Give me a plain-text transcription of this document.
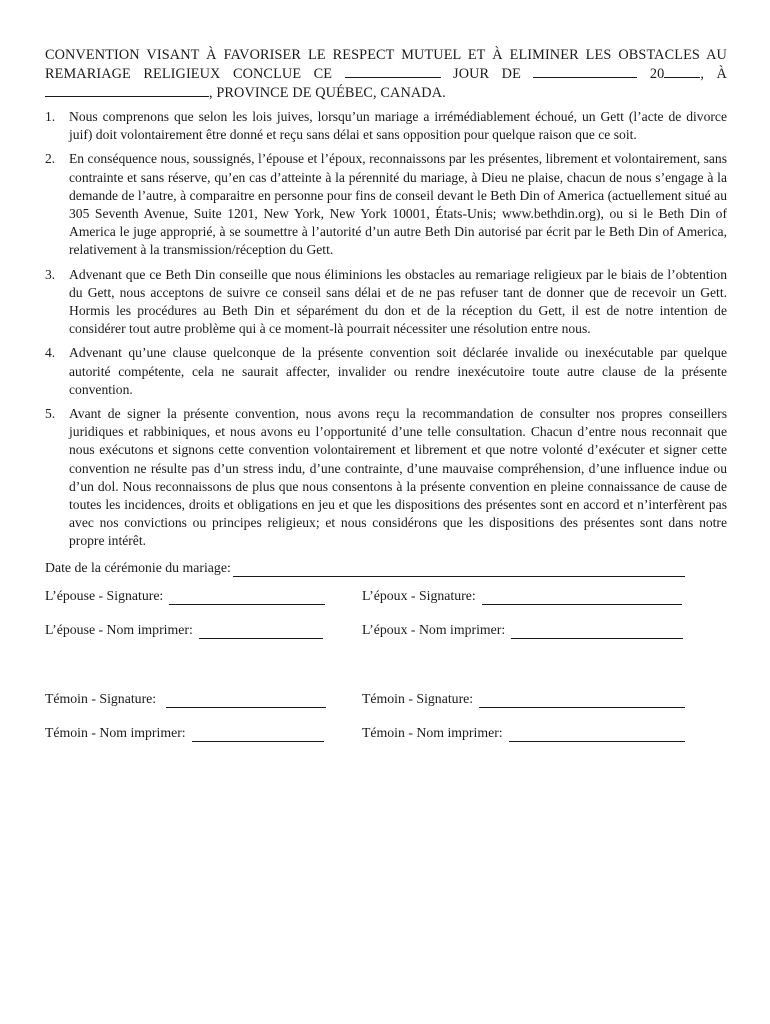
CONVENTION VISANT À FAVORISER LE RESPECT MUTUEL ET À ELIMINER LES OBSTACLES AU REMARIAGE RELIGIEUX CONCLUE CE	JOUR DE	20	, À , PROVINCE DE QUÉBEC, CANADA.

1. Nous comprenons que selon les lois juives, lorsqu’un mariage a irrémédiablement échoué, un Gett (l’acte de divorce juif) doit volontairement être donné et reçu sans délai et sans opposition pour quelque raison que ce soit.
2. En conséquence nous, soussignés, l’épouse et l’époux, reconnaissons par les présentes, librement et volontairement, sans contrainte et sans réserve, qu’en cas d’atteinte à la pérennité du mariage, à Dieu ne plaise, chacun de nous s’engage à la demande de l’autre, à comparaitre en personne pour fins de conseil devant le Beth Din of America (actuellement situé au 305 Seventh Avenue, Suite 1201, New York, New York 10001, États-Unis; www.bethdin.org), ou si le Beth Din of America le juge approprié, à se soumettre à l’autorité d’un autre Beth Din autorisé par écrit par le Beth Din of America, relativement à la transmission/réception du Gett.
3. Advenant que ce Beth Din conseille que nous éliminions les obstacles au remariage religieux par le biais de l’obtention du Gett, nous acceptons de suivre ce conseil sans délai et de ne pas refuser tant de donner que de recevoir un Gett. Hormis les procédures au Beth Din et séparément du don et de la réception du Gett, il est de notre intention de considérer tout autre problème qui à ce moment-là pourrait nécessiter une résolution entre nous.
4. Advenant qu’une clause quelconque de la présente convention soit déclarée invalide ou inexécutable par quelque autorité compétente, cela ne saurait affecter, invalider ou rendre inexécutoire toute autre clause de la présente convention.
5. Avant de signer la présente convention, nous avons reçu la recommandation de consulter nos propres conseillers juridiques et rabbiniques, et nous avons eu l’opportunité d’une telle consultation. Chacun d’entre nous reconnait que nous exécutons et signons cette convention volontairement et librement et que notre volonté d’exécuter et signer cette convention ne résulte pas d’un stress indu, d’une contrainte, d’une mauvaise compréhension, d’une influence indue ou d’un dol. Nous reconnaissons de plus que nous consentons à la présente convention en pleine connaissance de cause de toutes les incidences, droits et obligations en jeu et que les dispositions des présentes sont en accord et n’interfèrent pas avec nos convictions ou principes religieux; et nous considérons que les dispositions des présentes sont dans notre propre intérêt.
Date de la cérémonie du mariage:
L’épouse - Signature:	L’époux - Signature:
L’épouse - Nom imprimer:	L’époux - Nom imprimer:
Témoin - Signature:	Témoin - Signature:
Témoin - Nom imprimer:	Témoin - Nom imprimer:
